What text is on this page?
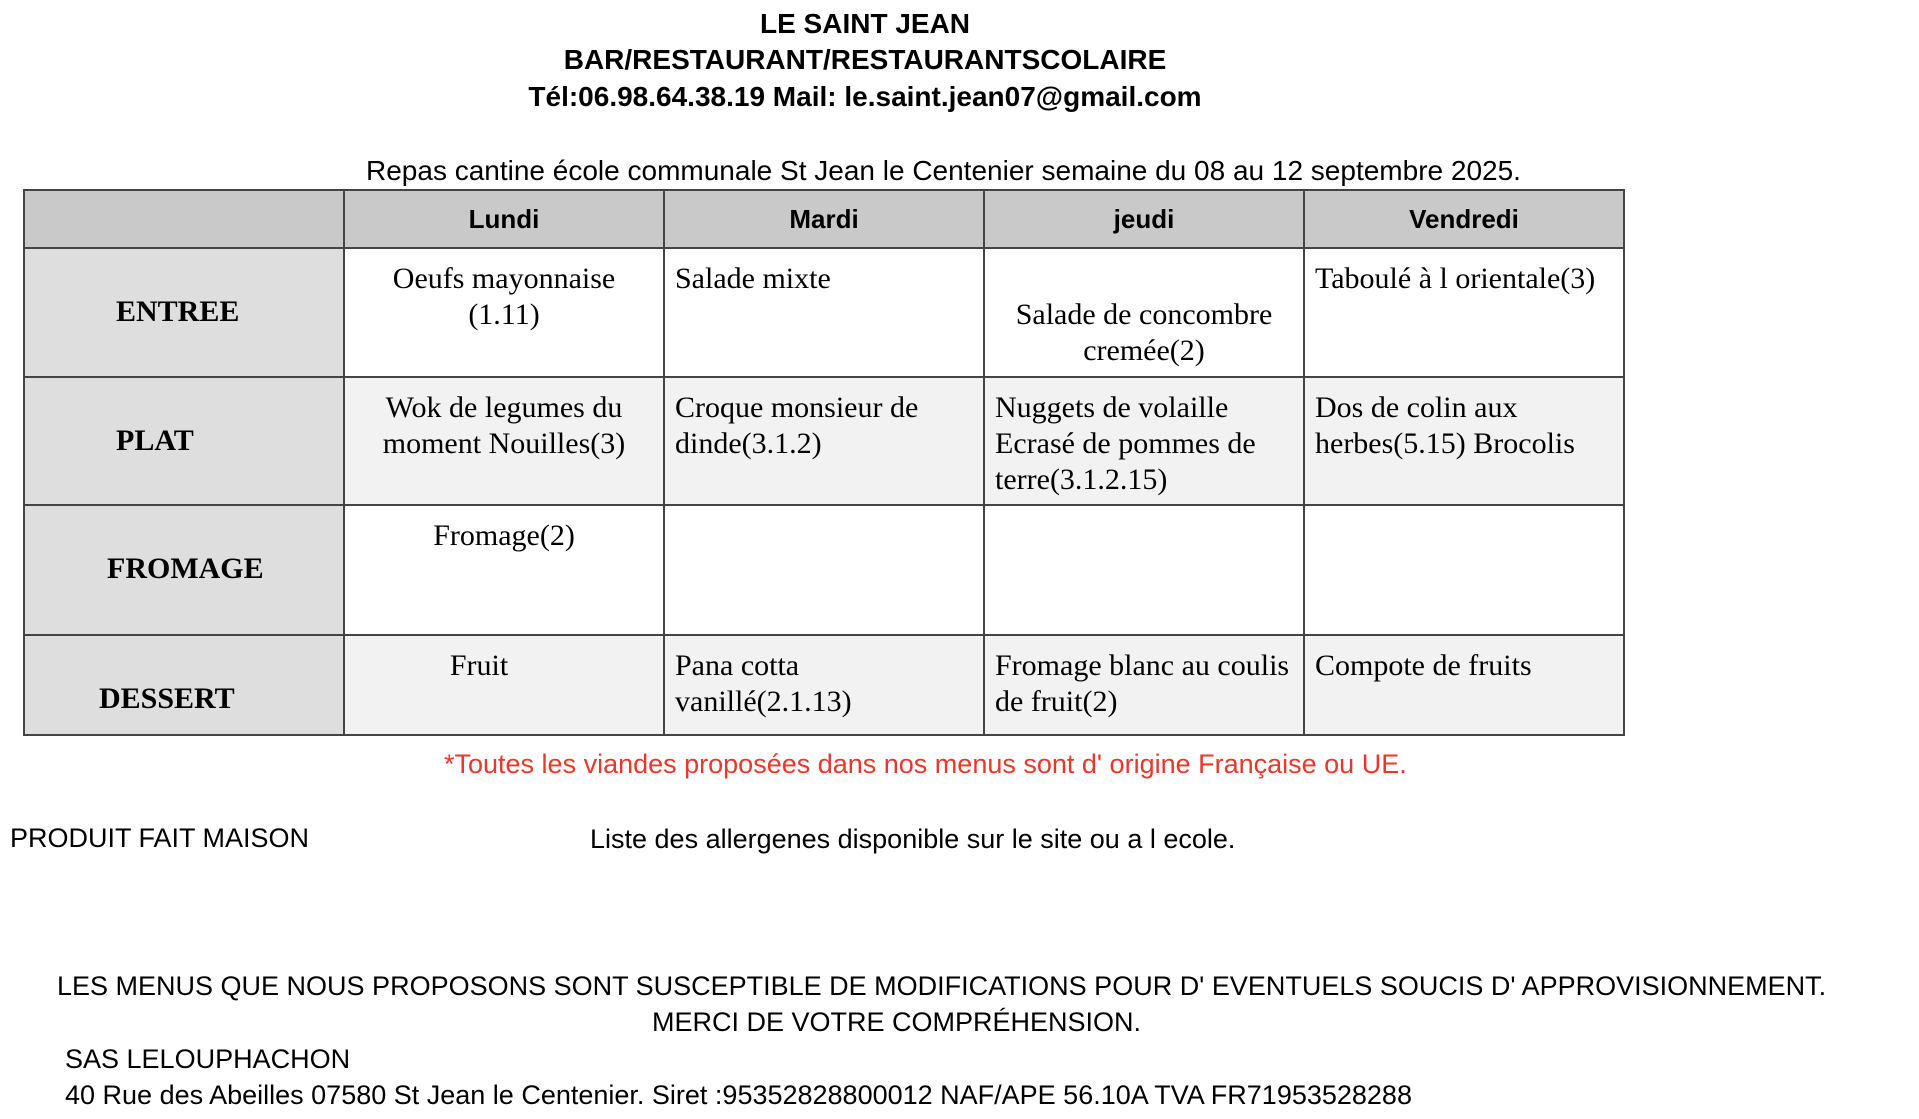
LE SAINT JEAN
BAR/RESTAURANT/RESTAURANTSCOLAIRE
Tél:06.98.64.38.19 Mail: le.saint.jean07@gmail.com
Repas cantine école communale St Jean le Centenier semaine du 08 au 12 septembre 2025.
	Lundi	Mardi	jeudi	Vendredi

ENTREE	Oeufs mayonnaise (1.11)	Salade mixte	Salade de concombre cremée(2)	Taboulé à l orientale(3)

PLAT	Wok de legumes du moment Nouilles(3)	Croque monsieur de dinde(3.1.2)	Nuggets de volaille Ecrasé de pommes de terre(3.1.2.15)	Dos de colin aux herbes(5.15) Brocolis

FROMAGE	Fromage(2)			

DESSERT	Fruit	Pana cotta vanillé(2.1.13)	Fromage blanc au coulis de fruit(2)	Compote de fruits
*Toutes les viandes proposées dans nos menus sont d' origine Française ou UE.
PRODUIT FAIT MAISON	Liste des allergenes disponible sur le site ou a l ecole.
LES MENUS QUE NOUS PROPOSONS SONT SUSCEPTIBLE DE MODIFICATIONS POUR D' EVENTUELS SOUCIS D' APPROVISIONNEMENT.
MERCI DE VOTRE COMPRÉHENSION.
SAS LELOUPHACHON
40 Rue des Abeilles 07580 St Jean le Centenier. Siret :95352828800012 NAF/APE 56.10A TVA FR71953528288
